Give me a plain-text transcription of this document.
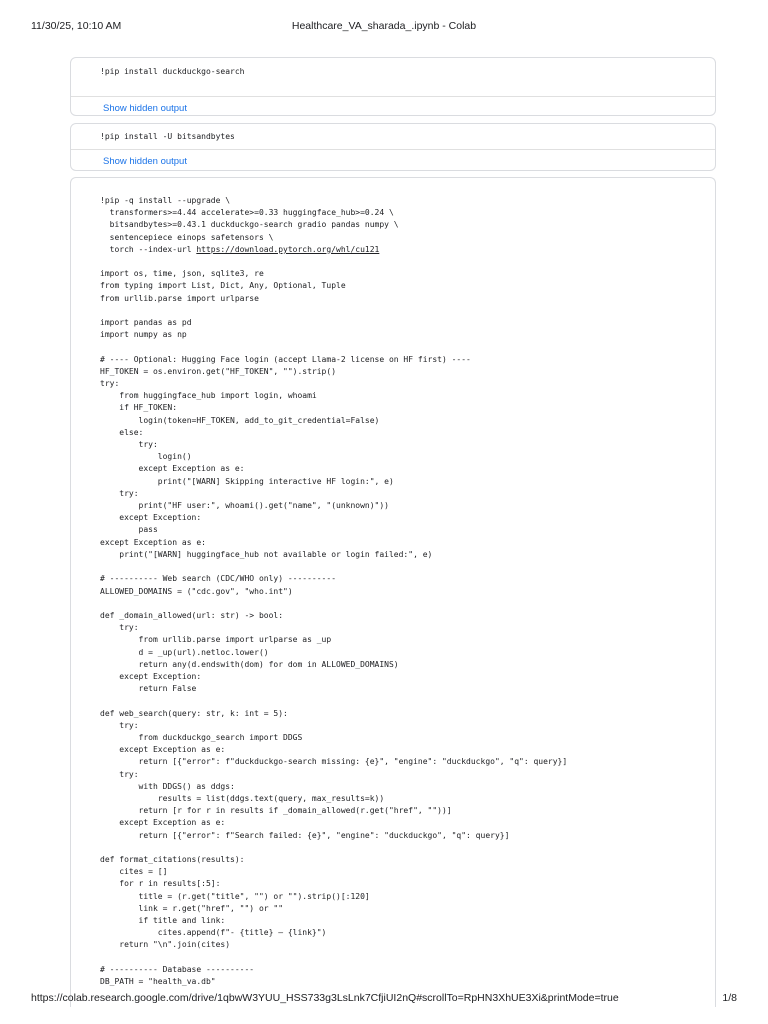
11/30/25, 10:10 AM	Healthcare_VA_sharada_.ipynb - Colab
!pip install duckduckgo-search
Show hidden output
!pip install -U bitsandbytes
Show hidden output
!pip -q install --upgrade \
transformers>=4.44 accelerate>=0.33 huggingface_hub>=0.24 \
bitsandbytes>=0.43.1 duckduckgo-search gradio pandas numpy \
sentencepiece einops safetensors \
torch --index-url https://download.pytorch.org/whl/cu121

import os, time, json, sqlite3, re
from typing import List, Dict, Any, Optional, Tuple
from urllib.parse import urlparse

import pandas as pd
import numpy as np

# ---- Optional: Hugging Face login (accept Llama-2 license on HF first) ----
HF_TOKEN = os.environ.get("HF_TOKEN", "").strip()
try:
from huggingface_hub import login, whoami
if HF_TOKEN:
login(token=HF_TOKEN, add_to_git_credential=False)
else:
try:
login()
except Exception as e:
print("[WARN] Skipping interactive HF login:", e)
try:
print("HF user:", whoami().get("name", "(unknown)"))
except Exception:
pass
except Exception as e:
print("[WARN] huggingface_hub not available or login failed:", e)

# ---------- Web search (CDC/WHO only) ----------
ALLOWED_DOMAINS = ("cdc.gov", "who.int")

def _domain_allowed(url: str) -> bool:
try:
from urllib.parse import urlparse as _up
d = _up(url).netloc.lower()
return any(d.endswith(dom) for dom in ALLOWED_DOMAINS)
except Exception:
return False

def web_search(query: str, k: int = 5):
try:
from duckduckgo_search import DDGS
except Exception as e:
return [{"error": f"duckduckgo-search missing: {e}", "engine": "duckduckgo", "q": query}]
try:
with DDGS() as ddgs:
results = list(ddgs.text(query, max_results=k))
return [r for r in results if _domain_allowed(r.get("href", ""))]
except Exception as e:
return [{"error": f"Search failed: {e}", "engine": "duckduckgo", "q": query}]

def format_citations(results):
cites = []
for r in results[:5]:
title = (r.get("title", "") or "").strip()[:120]
link = r.get("href", "") or ""
if title and link:
cites.append(f"- {title} — {link}")
return "\n".join(cites)

# ---------- Database ----------
DB_PATH = "health_va.db"
https://colab.research.google.com/drive/1qbwW3YUU_HSS733g3LsLnk7CfjiUI2nQ#scrollTo=RpHN3XhUE3Xi&printMode=true	1/8
